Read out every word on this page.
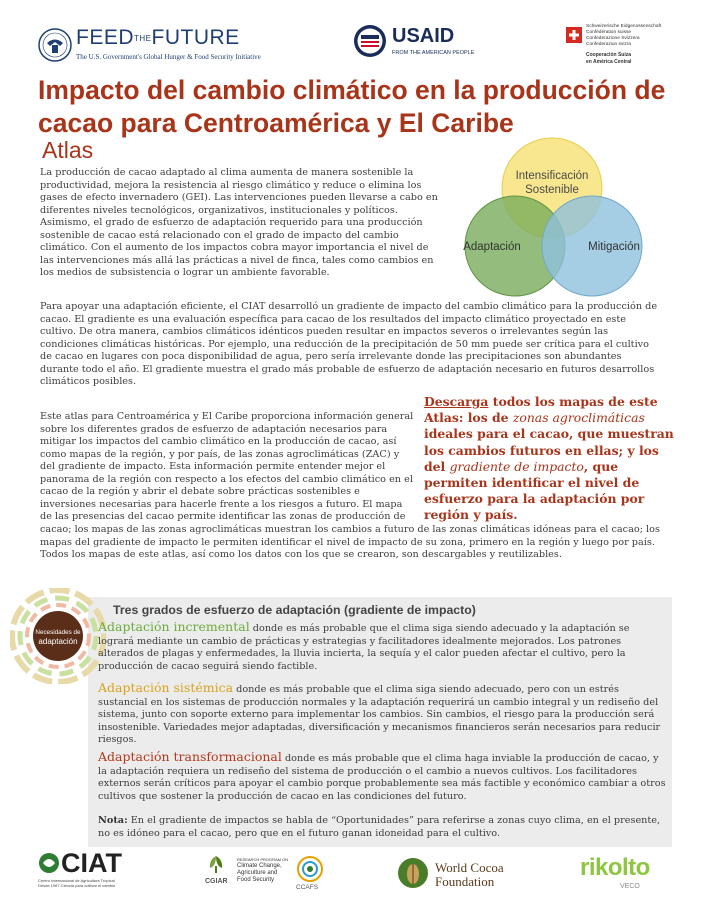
FEEDTHEFUTURE
The U.S. Government's Global Hunger & Food Security Initiative
USAID
FROM THE AMERICAN PEOPLE
Schweizerische Eidgenossenschaft
Confédération suisse
Confederazione Svizzera
Confederaziun svizra
Cooperación Suiza
en América Central
Impacto del cambio climático en la producción de cacao para Centroamérica y El Caribe
Atlas

La producción de cacao adaptado al clima aumenta de manera sostenible la productividad, mejora la resistencia al riesgo climático y reduce o elimina los gases de efecto invernadero (GEI). Las intervenciones pueden llevarse a cabo en diferentes niveles tecnológicos, organizativos, institucionales y políticos. Asimismo, el grado de esfuerzo de adaptación requerido para una producción sostenible de cacao está relacionado con el grado de impacto del cambio climático. Con el aumento de los impactos cobra mayor importancia el nivel de las intervenciones más allá las prácticas a nivel de finca, tales como cambios en los medios de subsistencia o lograr un ambiente favorable.

Intensificación
Sostenible
Adaptación	Mitigación

Para apoyar una adaptación eficiente, el CIAT desarrolló un gradiente de impacto del cambio climático para la producción de cacao. El gradiente es una evaluación específica para cacao de los resultados del impacto climático proyectado en este cultivo. De otra manera, cambios climáticos idénticos pueden resultar en impactos severos o irrelevantes según las condiciones climáticas históricas. Por ejemplo, una reducción de la precipitación de 50 mm puede ser crítica para el cultivo de cacao en lugares con poca disponibilidad de agua, pero sería irrelevante donde las precipitaciones son abundantes durante todo el año. El gradiente muestra el grado más probable de esfuerzo de adaptación necesario en futuros desarrollos climáticos posibles.

Este atlas para Centroamérica y El Caribe proporciona información general sobre los diferentes grados de esfuerzo de adaptación necesarios para mitigar los impactos del cambio climático en la producción de cacao, así como mapas de la región, y por país, de las zonas agroclimáticas (ZAC) y del gradiente de impacto. Esta información permite entender mejor el panorama de la región con respecto a los efectos del cambio climático en el cacao de la región y abrir el debate sobre prácticas sostenibles e inversiones necesarias para hacerle frente a los riesgos a futuro. El mapa de las presencias del cacao permite identificar las zonas de producción de

cacao; los mapas de las zonas agroclimáticas muestran los cambios a futuro de las zonas climáticas idóneas para el cacao; los mapas del gradiente de impacto le permiten identificar el nivel de impacto de su zona, primero en la región y luego por país. Todos los mapas de este atlas, así como los datos con los que se crearon, son descargables y reutilizables.

Descarga todos los mapas de este Atlas: los de zonas agroclimáticas ideales para el cacao, que muestran los cambios futuros en ellas; y los del gradiente de impacto, que permiten identificar el nivel de esfuerzo para la adaptación por región y país.
Necesidades de
adaptación
Tres grados de esfuerzo de adaptación (gradiente de impacto)

Adaptación incremental donde es más probable que el clima siga siendo adecuado y la adaptación se logrará mediante un cambio de prácticas y estrategias y facilitadores idealmente mejorados. Los patrones alterados de plagas y enfermedades, la lluvia incierta, la sequía y el calor pueden afectar el cultivo, pero la producción de cacao seguirá siendo factible.

Adaptación sistémica donde es más probable que el clima siga siendo adecuado, pero con un estrés sustancial en los sistemas de producción normales y la adaptación requerirá un cambio integral y un rediseño del sistema, junto con soporte externo para implementar los cambios. Sin cambios, el riesgo para la producción será insostenible. Variedades mejor adaptadas, diversificación y mecanismos financieros serán necesarios para reducir riesgos.

Adaptación transformacional donde es más probable que el clima haga inviable la producción de cacao, y la adaptación requiera un rediseño del sistema de producción o el cambio a nuevos cultivos. Los facilitadores externos serán críticos para apoyar el cambio porque probablemente sea más factible y económico cambiar a otros cultivos que sostener la producción de cacao en las condiciones del futuro.

Nota: En el gradiente de impactos se habla de “Oportunidades” para referirse a zonas cuyo clima, en el presente, no es idóneo para el cacao, pero que en el futuro ganan idoneidad para el cultivo.

CIAT
Centro Internacional de Agricultura Tropical
Desde 1967 Ciencia para cultivar el cambio
CGIAR
RESEARCH PROGRAM ON
Climate Change,
Agriculture and
Food Security
CCAFS
World Cocoa
Foundation
rikolto
VECO
